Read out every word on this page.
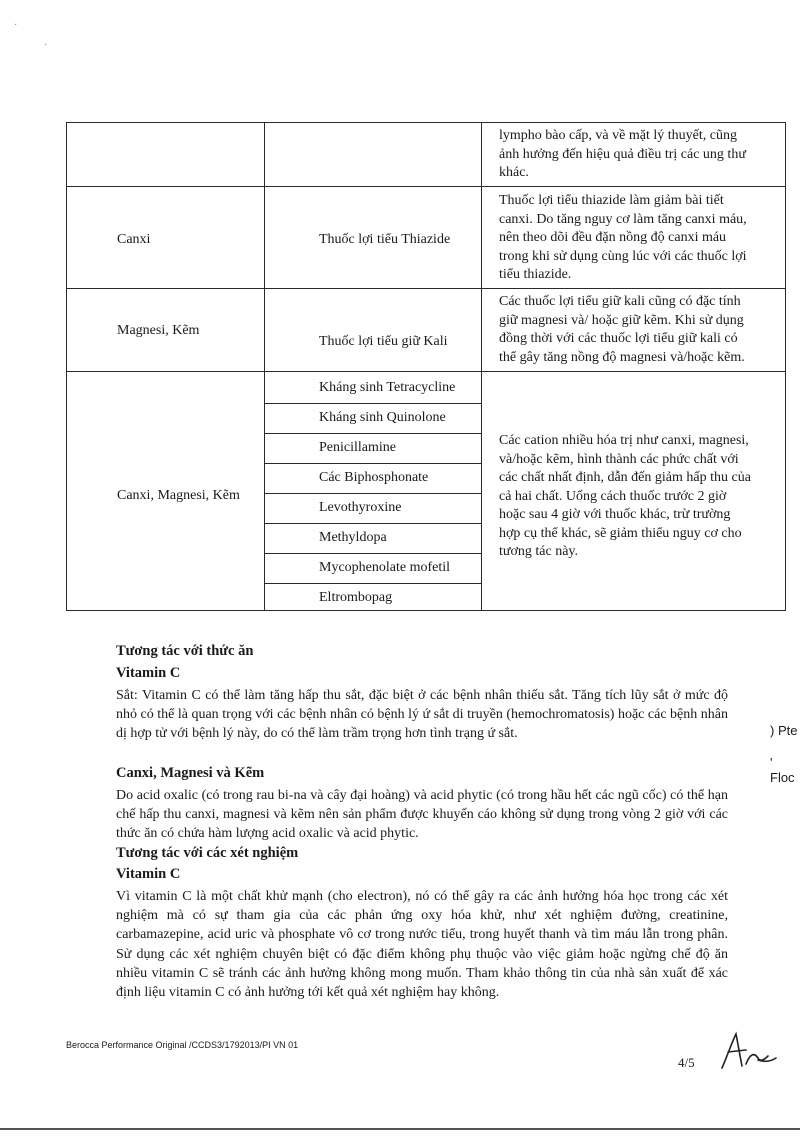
·
·
lympho bào cấp, và về mặt lý thuyết, cũng ảnh hưởng đến hiệu quả điều trị các ung thư khác.
Canxi	Thuốc lợi tiểu Thiazide
Thuốc lợi tiểu thiazide làm giảm bài tiết canxi. Do tăng nguy cơ làm tăng canxi máu, nên theo dõi đều đặn nồng độ canxi máu trong khi sử dụng cùng lúc với các thuốc lợi tiểu thiazide.
Magnesi, Kẽm
Thuốc lợi tiểu giữ Kali
Các thuốc lợi tiểu giữ kali cũng có đặc tính giữ magnesi và/ hoặc giữ kẽm. Khi sử dụng đồng thời với các thuốc lợi tiểu giữ kali có thể gây tăng nồng độ magnesi và/hoặc kẽm.
Canxi, Magnesi, Kẽm
Kháng sinh Tetracycline
Kháng sinh Quinolone
Penicillamine
Các Biphosphonate
Levothyroxine
Methyldopa
Mycophenolate mofetil
Eltrombopag
Các cation nhiều hóa trị như canxi, magnesi, và/hoặc kẽm, hình thành các phức chất với các chất nhất định, dẫn đến giảm hấp thu của cả hai chất. Uống cách thuốc trước 2 giờ hoặc sau 4 giờ với thuốc khác, trừ trường hợp cụ thể khác, sẽ giảm thiểu nguy cơ cho tương tác này.
Tương tác với thức ăn
Vitamin C
Sắt: Vitamin C có thể làm tăng hấp thu sắt, đặc biệt ở các bệnh nhân thiếu sắt. Tăng tích lũy sắt ở mức độ nhỏ có thể là quan trọng với các bệnh nhân có bệnh lý ứ sắt di truyền (hemochromatosis) hoặc các bệnh nhân dị hợp tử với bệnh lý này, do có thể làm trầm trọng hơn tình trạng ứ sắt.
Canxi, Magnesi và Kẽm
Do acid oxalic (có trong rau bi-na và cây đại hoàng) và acid phytic (có trong hầu hết các ngũ cốc) có thể hạn chế hấp thu canxi, magnesi và kẽm nên sản phẩm được khuyến cáo không sử dụng trong vòng 2 giờ với các thức ăn có chứa hàm lượng acid oxalic và acid phytic.
Tương tác với các xét nghiệm
Vitamin C
Vì vitamin C là một chất khử mạnh (cho electron), nó có thể gây ra các ảnh hưởng hóa học trong các xét nghiệm mà có sự tham gia của các phản ứng oxy hóa khử, như xét nghiệm đường, creatinine, carbamazepine, acid uric và phosphate vô cơ trong nước tiểu, trong huyết thanh và tìm máu lẫn trong phân. Sử dụng các xét nghiệm chuyên biệt có đặc điểm không phụ thuộc vào việc giảm hoặc ngừng chế độ ăn nhiều vitamin C sẽ tránh các ảnh hưởng không mong muốn. Tham khảo thông tin của nhà sản xuất để xác định liệu vitamin C có ảnh hưởng tới kết quả xét nghiệm hay không.
Berocca Performance Original /CCDS3/1792013/PI VN 01
4/5
) Pte
' Floc
